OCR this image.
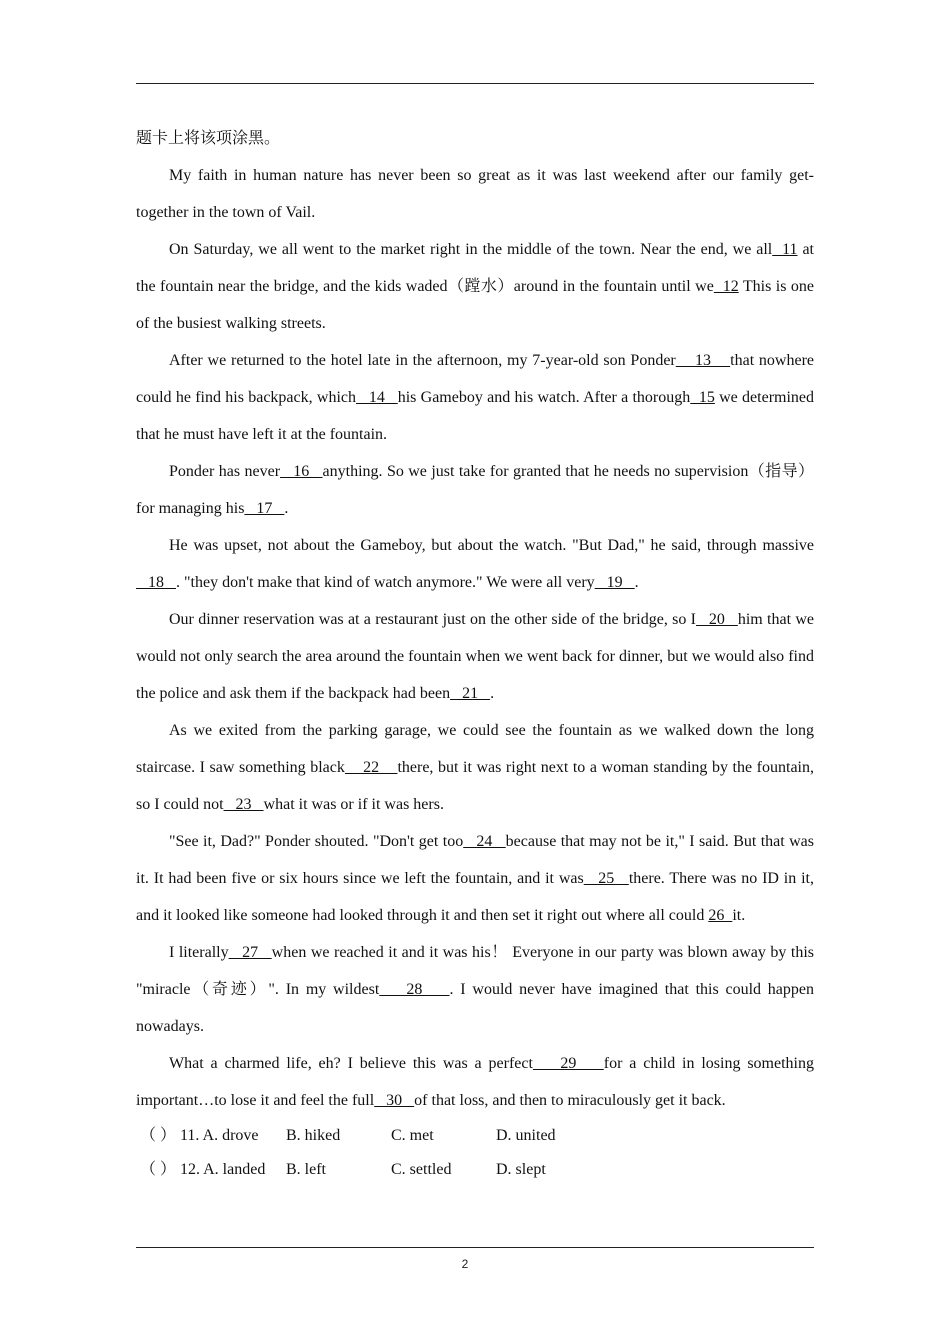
题卡上将该项涂黑。

My faith in human nature has never been so great as it was last weekend after our family get-together in the town of Vail.

On Saturday, we all went to the market right in the middle of the town. Near the end, we all  11 at the fountain near the bridge, and the kids waded（蹚水）around in the fountain until we  12 This is one of the busiest walking streets.

After we returned to the hotel late in the afternoon, my 7-year-old son Ponder    13    that nowhere could he find his backpack, which   14   his Gameboy and his watch. After a thorough  15 we determined that he must have left it at the fountain.

Ponder has never   16   anything. So we just take for granted that he needs no supervision（指导）for managing his   17   .

He was upset, not about the Gameboy, but about the watch. "But Dad," he said, through massive   18   . "they don't make that kind of watch anymore." We were all very   19   .

Our dinner reservation was at a restaurant just on the other side of the bridge, so I   20   him that we would not only search the area around the fountain when we went back for dinner, but we would also find the police and ask them if the backpack had been   21   .

As we exited from the parking garage, we could see the fountain as we walked down the long staircase. I saw something black    22    there, but it was right next to a woman standing by the fountain, so I could not   23   what it was or if it was hers.

"See it, Dad?" Ponder shouted. "Don't get too   24   because that may not be it," I said. But that was it. It had been five or six hours since we left the fountain, and it was   25   there. There was no ID in it, and it looked like someone had looked through it and then set it right out where all could 26  it.

I literally   27   when we reached it and it was his！ Everyone in our party was blown away by this "miracle（奇迹）". In my wildest    28    . I would never have imagined that this could happen nowadays.

What a charmed life, eh? I believe this was a perfect    29    for a child in losing something important…to lose it and feel the full   30   of that loss, and then to miraculously get it back.

（ ） 11. A. drove B. hiked	C. met	D. united

（ ） 12. A. landed B. left	C. settled	D. slept

2
